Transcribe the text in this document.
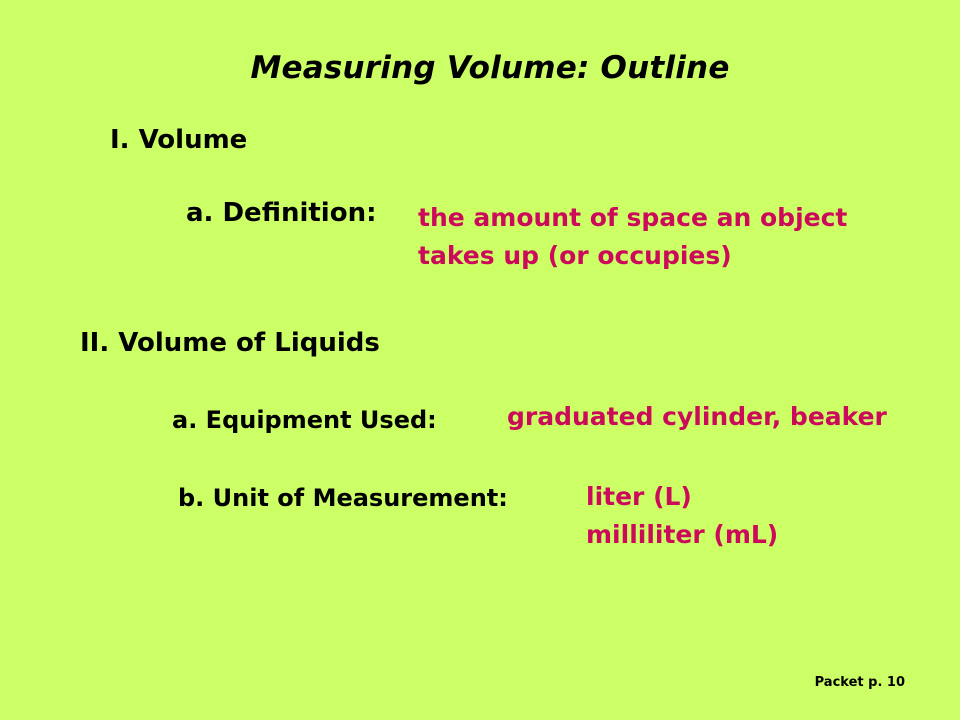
Measuring Volume: Outline
I. Volume
a. Definition: the amount of space an object
takes up (or occupies)
II. Volume of Liquids
a. Equipment Used:	graduated cylinder, beaker
b. Unit of Measurement:	liter (L)
milliliter (mL)
Packet p. 10
